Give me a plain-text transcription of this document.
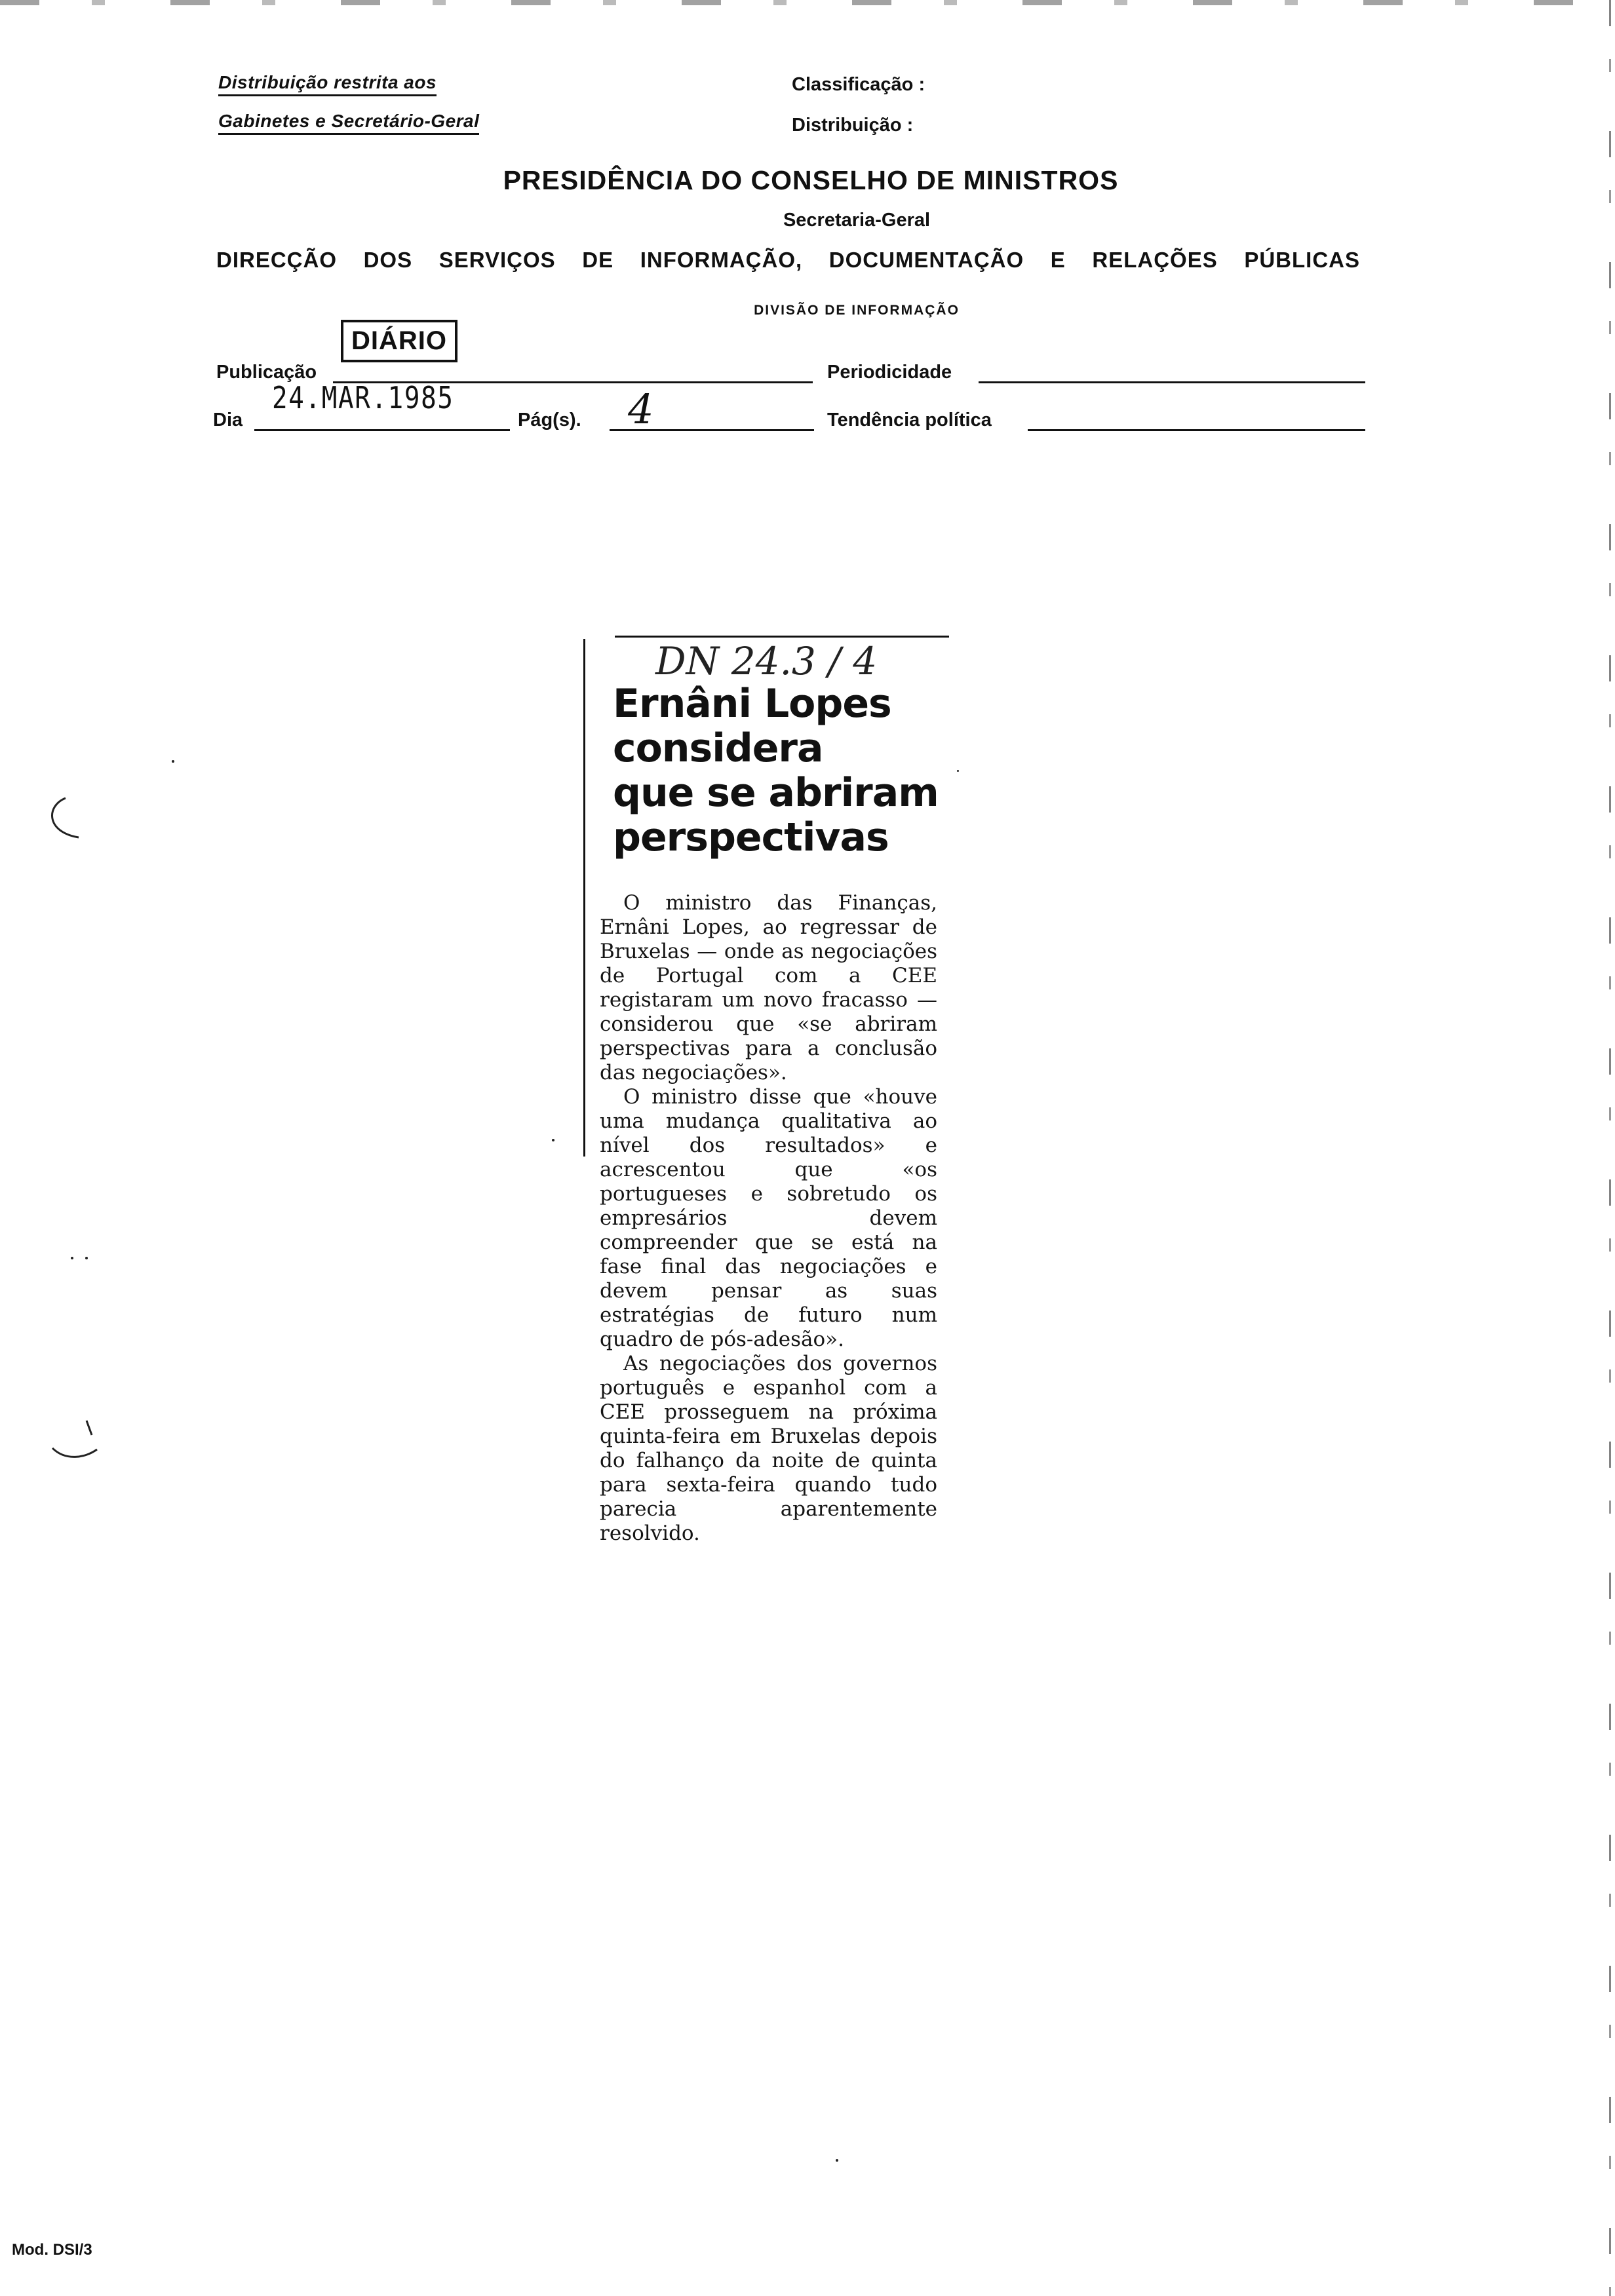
Distribuição restrita aos
Gabinetes e Secretário-Geral
Classificação :
Distribuição :
PRESIDÊNCIA DO CONSELHO DE MINISTROS
Secretaria-Geral
DIRECÇÃO DOS SERVIÇOS DE INFORMAÇÃO, DOCUMENTAÇÃO E RELAÇÕES PÚBLICAS
DIVISÃO DE INFORMAÇÃO
Publicação
DIÁRIO
Periodicidade
Dia
24.MAR.1985
Pág(s). 4	Tendência política
DN 24.3 / 4
Ernâni Lopes
considera
que se abriram
perspectivas

O ministro das Finanças, Ernâni Lopes, ao regressar de Bruxelas — onde as negociações de Portugal com a CEE registaram um novo fracasso — considerou que «se abriram perspectivas para a conclusão das negociações».

O ministro disse que «houve uma mudança qualitativa ao nível dos resultados» e acrescentou que «os portugueses e sobretudo os empresários devem compreender que se está na fase final das negociações e devem pensar as suas estratégias de futuro num quadro de pós-adesão».

As negociações dos governos português e espanhol com a CEE prosseguem na próxima quinta-feira em Bruxelas depois do falhanço da noite de quinta para sexta-feira quando tudo parecia aparentemente resolvido.

Mod. DSI/3
